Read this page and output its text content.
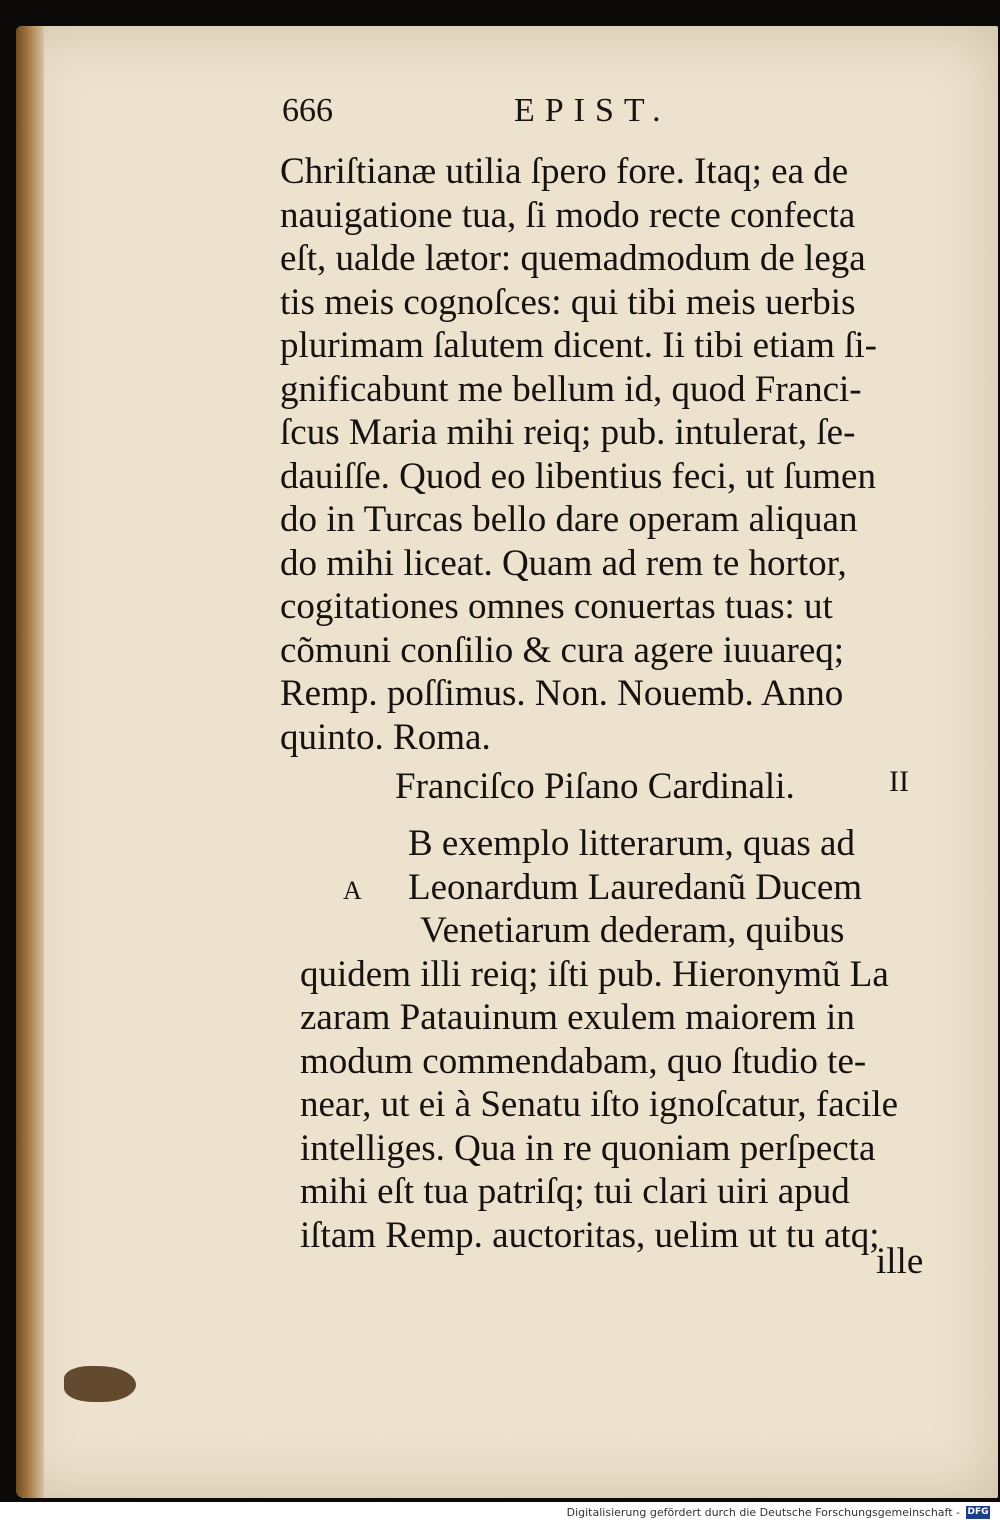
666	EPIST.
Chriſtianæ utilia ſpero fore. Itaq; ea de
nauigatione tua, ſi modo recte confecta
eſt, ualde lætor: quemadmodum de lega
tis meis cognoſces: qui tibi meis uerbis
plurimam ſalutem dicent. Ii tibi etiam ſi-
gnificabunt me bellum id, quod Franci-
ſcus Maria mihi reiq; pub. intulerat, ſe-
dauiſſe. Quod eo libentius feci, ut ſumen
do in Turcas bello dare operam aliquan
do mihi liceat. Quam ad rem te hortor,
cogitationes omnes conuertas tuas: ut
cõmuni conſilio & cura agere iuuareq;
Remp. poſſimus. Non. Nouemb. Anno
quinto. Roma.
Franciſco Piſano Cardinali.	II
A
B exemplo litterarum, quas ad
Leonardum Lauredanũ Ducem
Venetiarum dederam, quibus
quidem illi reiq; iſti pub. Hieronymũ La
zaram Patauinum exulem maiorem in
modum commendabam, quo ſtudio te-
near, ut ei à Senatu iſto ignoſcatur, facile
intelliges. Qua in re quoniam perſpecta
mihi eſt tua patriſq; tui clari uiri apud
iſtam Remp. auctoritas, uelim ut tu atq;
ille
Digitalisierung gefördert durch die Deutsche Forschungsgemeinschaft - DFG
